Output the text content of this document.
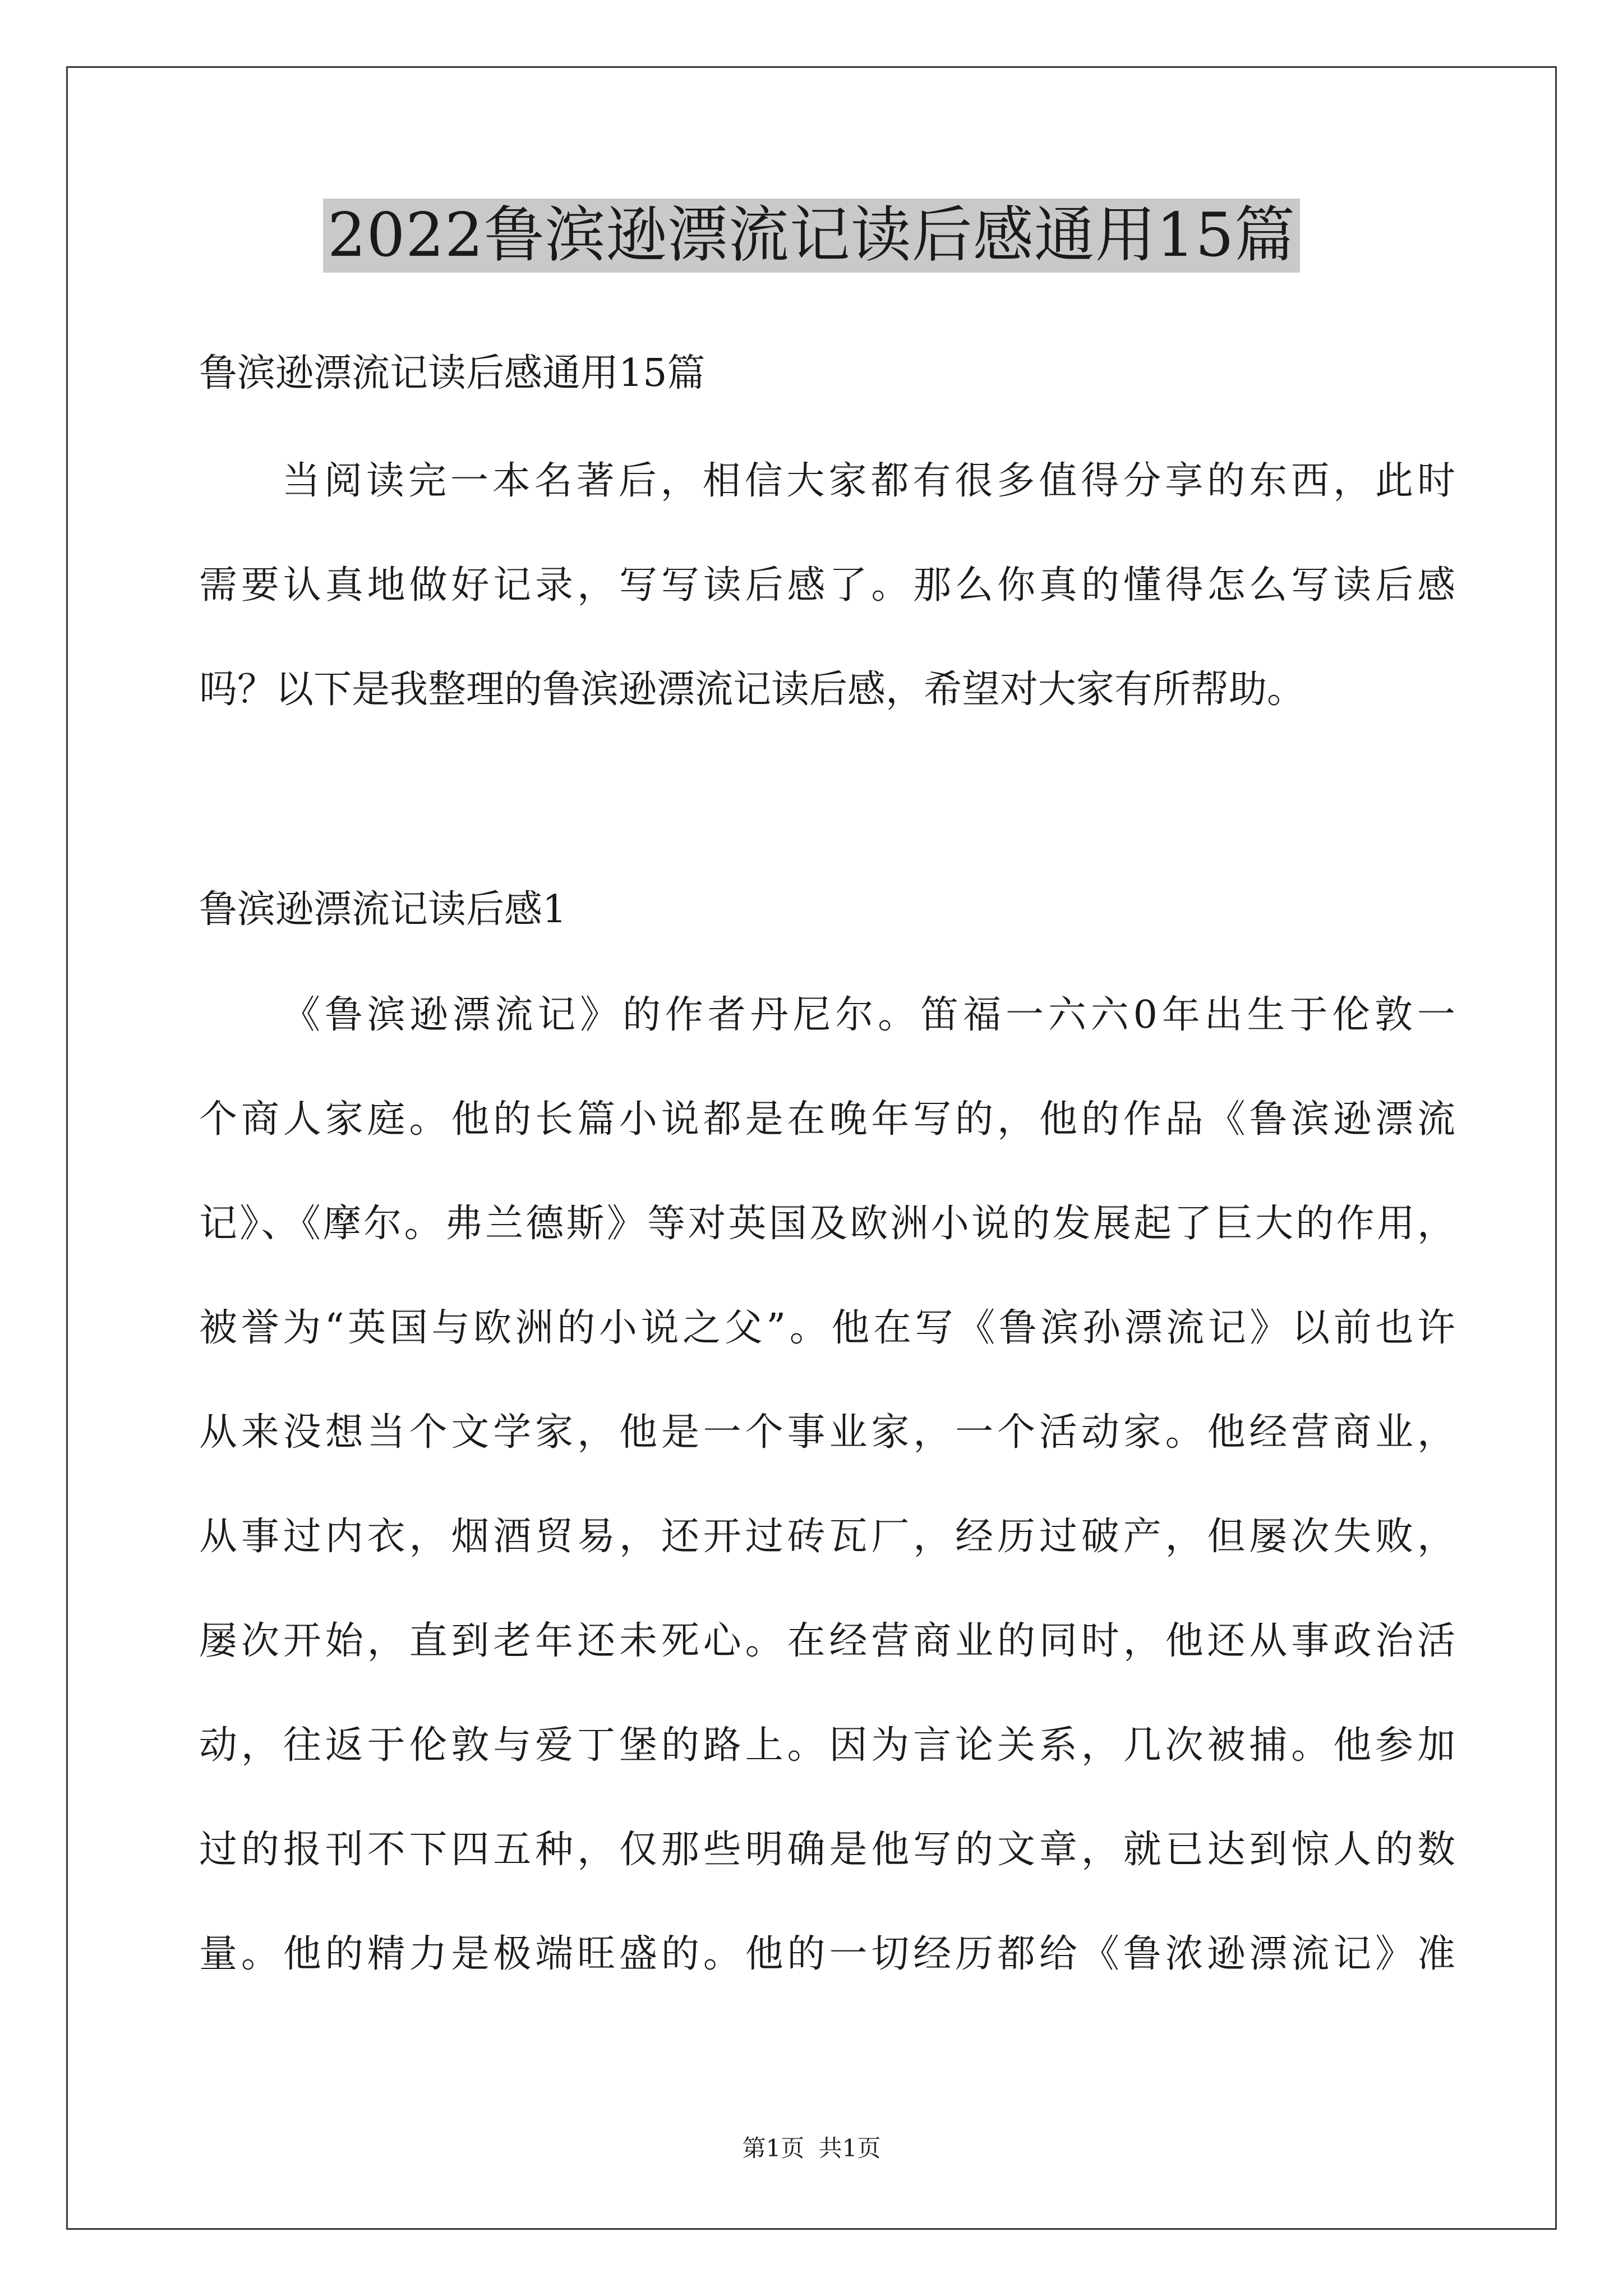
2022鲁滨逊漂流记读后感通用15篇
鲁滨逊漂流记读后感通用15篇
当阅读完一本名著后，相信大家都有很多值得分享的东西，此时
需要认真地做好记录，写写读后感了。那么你真的懂得怎么写读后感
吗？以下是我整理的鲁滨逊漂流记读后感，希望对大家有所帮助。
鲁滨逊漂流记读后感1
《鲁滨逊漂流记》的作者丹尼尔。笛福一六六0年出生于伦敦一
个商人家庭。他的长篇小说都是在晚年写的，他的作品《鲁滨逊漂流
记》、《摩尔。弗兰德斯》等对英国及欧洲小说的发展起了巨大的作用，
被誉为“英国与欧洲的小说之父”。他在写《鲁滨孙漂流记》以前也许
从来没想当个文学家，他是一个事业家，一个活动家。他经营商业，
从事过内衣，烟酒贸易，还开过砖瓦厂，经历过破产，但屡次失败，
屡次开始，直到老年还未死心。在经营商业的同时，他还从事政治活
动，往返于伦敦与爱丁堡的路上。因为言论关系，几次被捕。他参加
过的报刊不下四五种，仅那些明确是他写的文章，就已达到惊人的数
量。他的精力是极端旺盛的。他的一切经历都给《鲁浓逊漂流记》准
第1页 共1页
